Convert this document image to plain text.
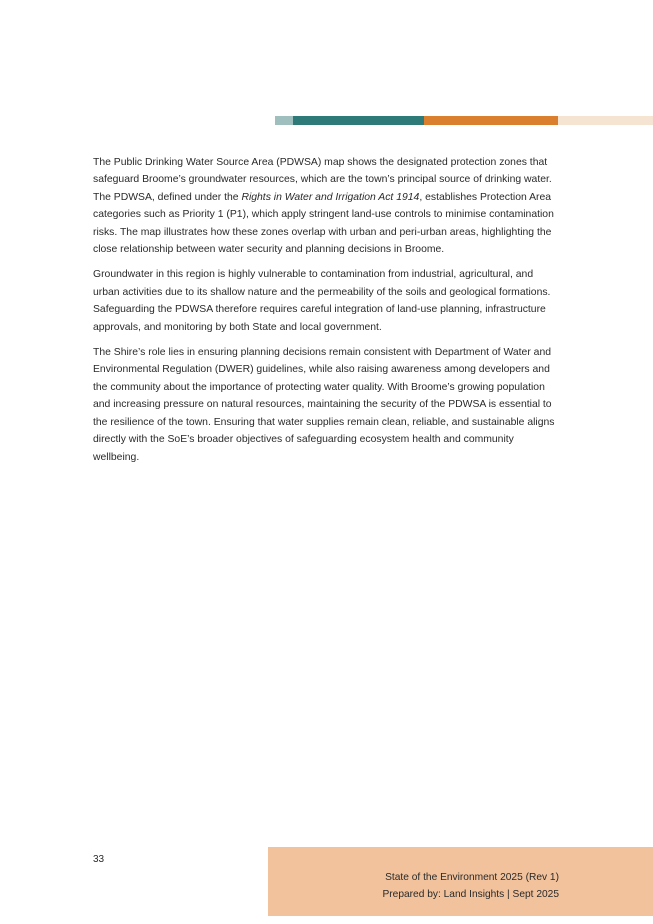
The Public Drinking Water Source Area (PDWSA) map shows the designated protection zones that safeguard Broome’s groundwater resources, which are the town’s principal source of drinking water. The PDWSA, defined under the Rights in Water and Irrigation Act 1914, establishes Protection Area categories such as Priority 1 (P1), which apply stringent land-use controls to minimise contamination risks. The map illustrates how these zones overlap with urban and peri-urban areas, highlighting the close relationship between water security and planning decisions in Broome.

Groundwater in this region is highly vulnerable to contamination from industrial, agricultural, and urban activities due to its shallow nature and the permeability of the soils and geological formations. Safeguarding the PDWSA therefore requires careful integration of land-use planning, infrastructure approvals, and monitoring by both State and local government.

The Shire’s role lies in ensuring planning decisions remain consistent with Department of Water and Environmental Regulation (DWER) guidelines, while also raising awareness among developers and the community about the importance of protecting water quality. With Broome’s growing population and increasing pressure on natural resources, maintaining the security of the PDWSA is essential to the resilience of the town. Ensuring that water supplies remain clean, reliable, and sustainable aligns directly with the SoE’s broader objectives of safeguarding ecosystem health and community wellbeing.

33
State of the Environment 2025 (Rev 1)
Prepared by: Land Insights | Sept 2025
